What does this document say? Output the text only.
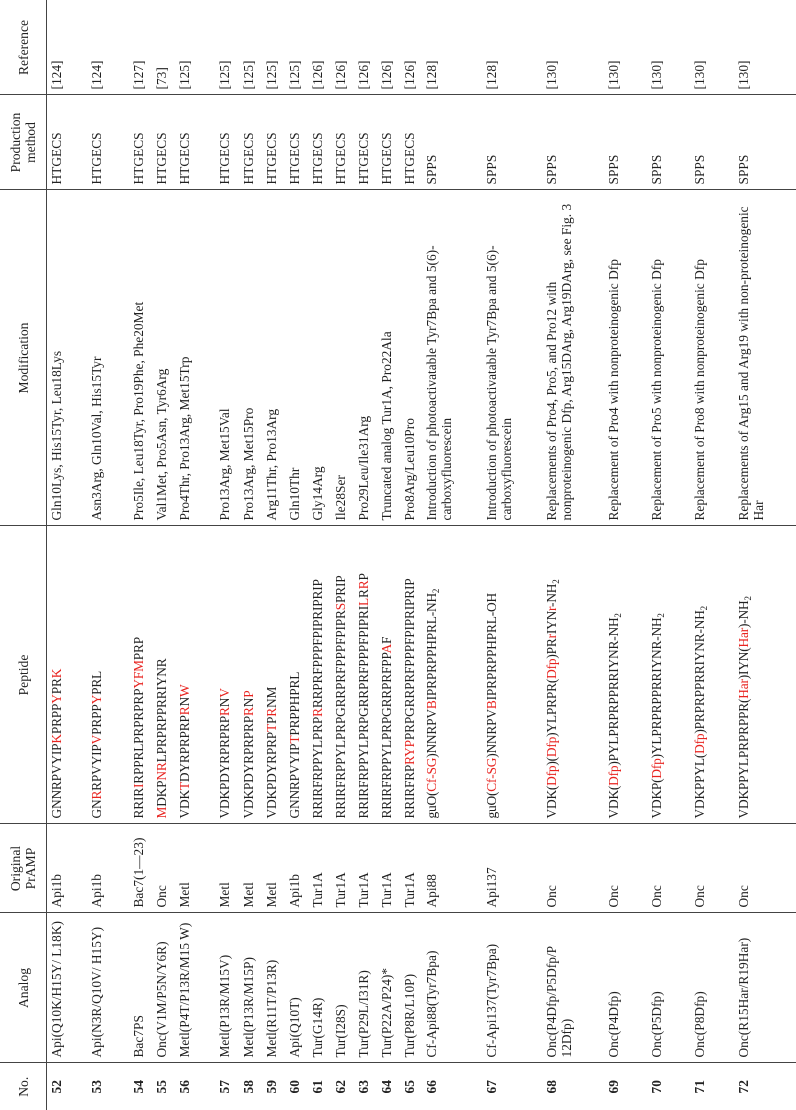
No.	Analog	Original PrAMP	Peptide	Modification	Production method	Reference
52	Api(Q10K/H15Y/ L18K)	Api1b	GNNRPVYIPKPRPPYPRK	Gln10Lys, His15Tyr, Leu18Lys	HTGECS	[124]
53	Api(N3R/Q10V/ H15Y)	Api1b	GNRRPVYIPVPRPPYPRL	Asn3Arg, Gln10Val, His15Tyr	HTGECS	[124]
54	Bac7PS	Bac7(1—23)	RRIRIRPPRLPRPRPRPYFMPRP	Pro5Ile, Leu18Tyr, Pro19Phe, Phe20Met	HTGECS	[127]
55	Onc(V1M/P5N/Y6R)	Onc	MDKPNRLPRPRPPRRIYNR	Val1Met, Pro5Asn, Tyr6Arg	HTGECS	[73]
56	Metl(P4T/P13R/M15 W)	Metl	VDKTDYRPRPRPRNW	Pro4Thr, Pro13Arg, Met15Trp	HTGECS	[125]
57	Metl(P13R/M15V)	Metl	VDKPDYRPRPRPRNV	Pro13Arg, Met15Val	HTGECS	[125]
58	Metl(P13R/M15P)	Metl	VDKPDYRPRPRPRNP	Pro13Arg, Met15Pro	HTGECS	[125]
59	Metl(R11T/P13R)	Metl	VDKPDYRPRPTPRNM	Arg11Thr, Pro13Arg	HTGECS	[125]
60	Api(Q10T)	Api1b	GNNRPVYIPTPRPPHPRL	Gln10Thr	HTGECS	[125]
61	Tur(G14R)	Tur1A	RRIRFRPPYLPRPRRRPRFPPPFPIPRIPRIP	Gly14Arg	HTGECS	[126]
62	Tur(I28S)	Tur1A	RRIRFRPPYLPRPGRRPRFPPPFPIPRSPRIP	Ile28Ser	HTGECS	[126]
63	Tur(P29L/I31R)	Tur1A	RRIRFRPPYLPRPGRRPRFPPPFPIPRILRRP	Pro29Leu/Ile31Arg	HTGECS	[126]
64	Tur(P22A/P24)*	Tur1A	RRIRFRPPYLPRPGRRPRFPPAF	Truncated analog Tur1A, Pro22Ala	HTGECS	[126]
65	Tur(P8R/L10P)	Tur1A	RRIRFRPRYPPRPGRRPRFPPPFPIPRIPRIP	Pro8Arg/Leu10Pro	HTGECS	[126]
66	Cf-Api88(Tyr7Bpa)	Api88	$guO(Cf-SG)NNRPVBIPRPRPPHPRL-NH_2$	Introduction of photoactivatable Tyr7Bpa and 5(6)-carboxyfluorescein	SPPS	[128]
67	Cf-Api137(Tyr7Bpa)	Api137	guO(Cf-SG)NNRPVBIPRPRPPHPRL-OH	Introduction of photoactivatable Tyr7Bpa and 5(6)-carboxyfluorescein	SPPS	[128]
68	Onc(P4Dfp/P5Dfp/P 12Dfp)	Onc	$VDK(Dfp)(Dfp)YLPRPR(Dfp)PRrIYNr-NH_2$	Replacements of Pro4, Pro5, and Pro12 with nonproteinogenic Dfp, Arg15DArg, Arg19DArg, see Fig. 3	SPPS	[130]
69	Onc(P4Dfp)	Onc	$VDK(Dfp)PYLPRPRPPRRIYNR-NH_2$	Replacement of Pro4 with nonproteinogenic Dfp	SPPS	[130]
70	Onc(P5Dfp)	Onc	$VDKP(Dfp)YLPRPRPPRRIYNR-NH_2$	Replacement of Pro5 with nonproteinogenic Dfp	SPPS	[130]
71	Onc(P8Dfp)	Onc	$VDKPPYL(Dfp)PRPRPPRRIYNR-NH_2$	Replacement of Pro8 with nonproteinogenic Dfp	SPPS	[130]
72	Onc(R15Har/R19Har)	Onc	$VDKPPYLPRPRPPR(Har)IYN(Har)-NH_2$	Replacements of Arg15 and Arg19 with non-proteinogenic Har	SPPS	[130]
